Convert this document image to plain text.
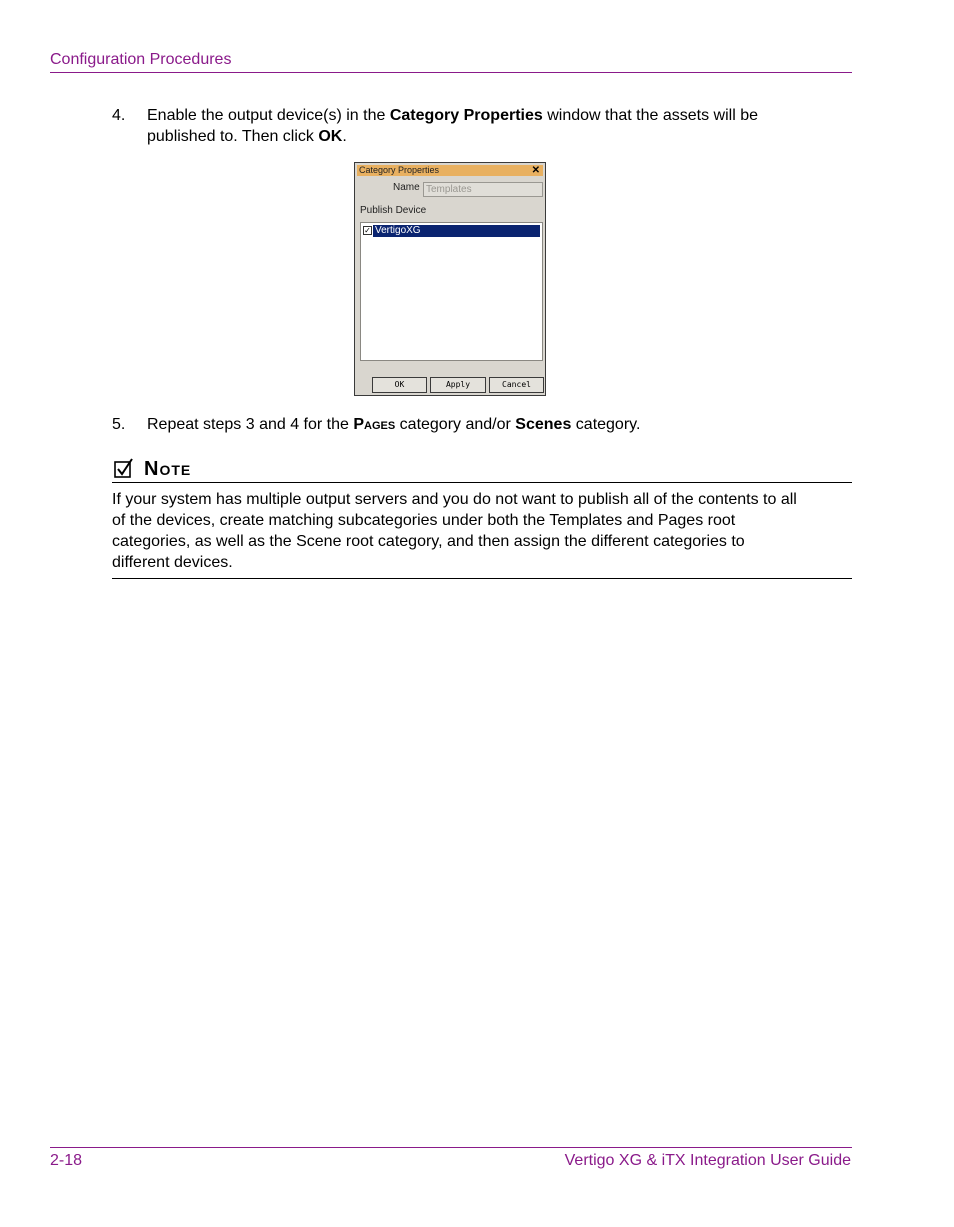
Configuration Procedures
4. Enable the output device(s) in the Category Properties window that the assets will be published to. Then click OK.
Category Properties	✕
Name Templates
Publish Device
✓ VertigoXG
OK	Apply	Cancel
5. Repeat steps 3 and 4 for the Pages category and/or Scenes category.
Note
If your system has multiple output servers and you do not want to publish all of the contents to all of the devices, create matching subcategories under both the Templates and Pages root categories, as well as the Scene root category, and then assign the different categories to different devices.
2-18	Vertigo XG & iTX Integration User Guide
